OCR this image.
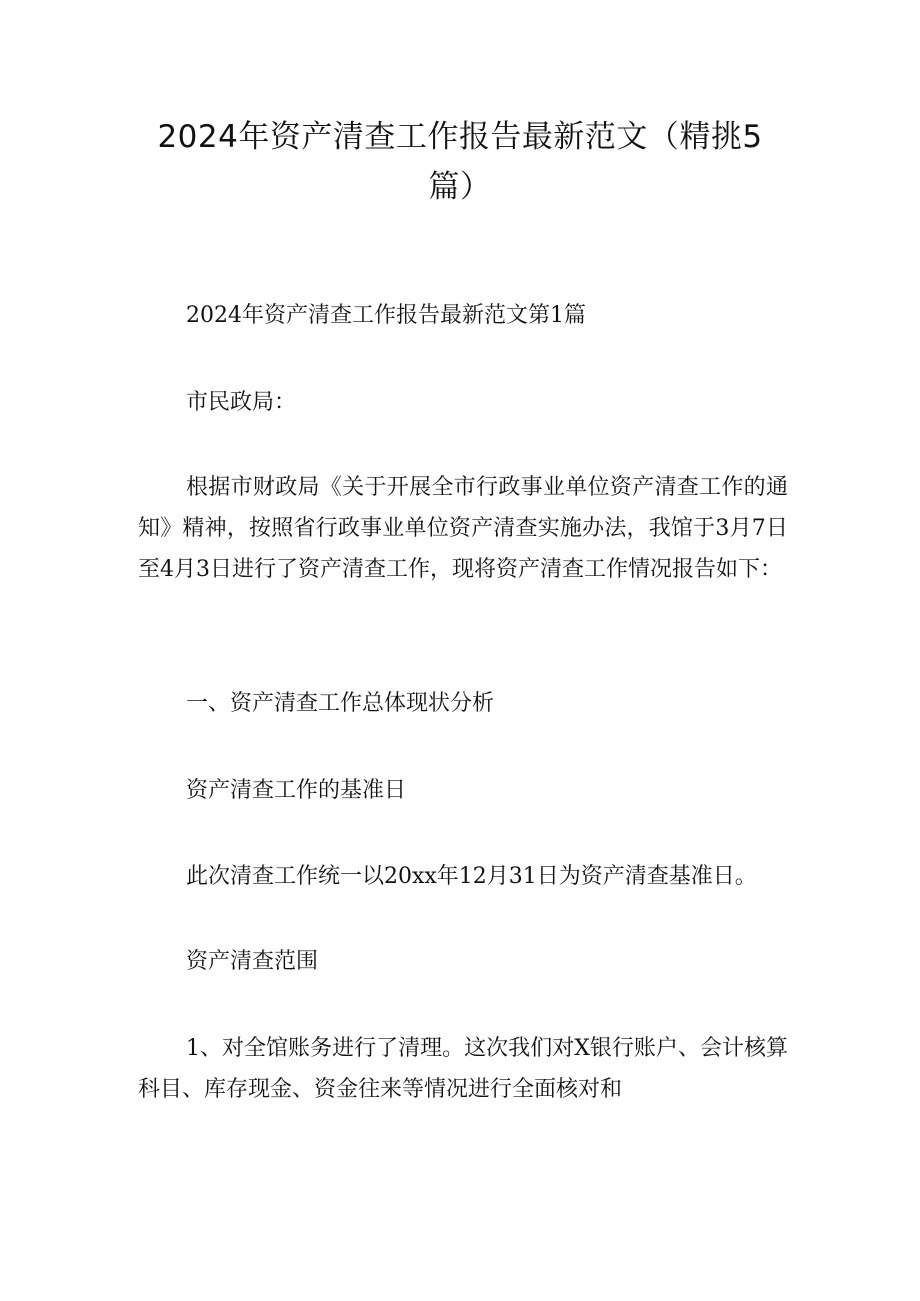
2024年资产清查工作报告最新范文（精挑5篇）

2024年资产清查工作报告最新范文第1篇

市民政局：

根据市财政局《关于开展全市行政事业单位资产清查工作的通知》精神，按照省行政事业单位资产清查实施办法，我馆于3月7日至4月3日进行了资产清查工作，现将资产清查工作情况报告如下：

一、资产清查工作总体现状分析

资产清查工作的基准日

此次清查工作统一以20xx年12月31日为资产清查基准日。

资产清查范围

1、对全馆账务进行了清理。这次我们对X银行账户、会计核算科目、库存现金、资金往来等情况进行全面核对和
